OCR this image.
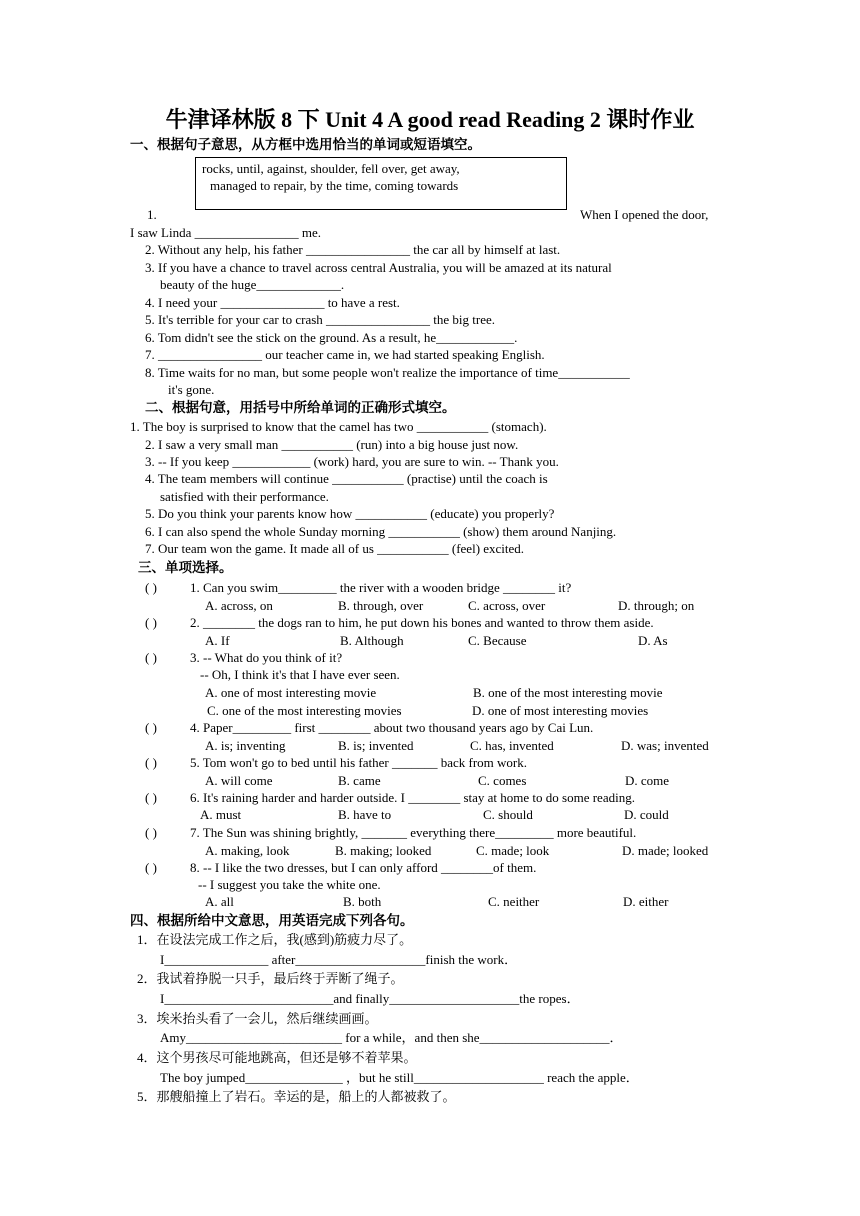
牛津译林版 8 下 Unit 4 A good read Reading 2 课时作业
一、根据句子意思，从方框中选用恰当的单词或短语填空。
rocks, until, against, shoulder, fell over, get away,
managed to repair, by the time, coming towards
1.	When I opened the door,
I saw Linda ________________ me.
2. Without any help, his father ________________ the car all by himself at last.
3. If you have a chance to travel across central Australia, you will be amazed at its natural
beauty of the huge_____________.
4. I need your ________________ to have a rest.
5. It's terrible for your car to crash ________________ the big tree.
6. Tom didn't see the stick on the ground. As a result, he____________.
7. ________________ our teacher came in, we had started speaking English.
8. Time waits for no man, but some people won't realize the importance of time___________
it's gone.
二、根据句意，用括号中所给单词的正确形式填空。
1. The boy is surprised to know that the camel has two ___________ (stomach).
2. I saw a very small man ___________ (run) into a big house just now.
3. -- If you keep ____________ (work) hard, you are sure to win. -- Thank you.
4. The team members will continue ___________ (practise) until the coach is
satisfied with their performance.
5. Do you think your parents know how ___________ (educate) you properly?
6. I can also spend the whole Sunday morning ___________ (show) them around Nanjing.
7. Our team won the game. It made all of us ___________ (feel) excited.
三、单项选择。
( )	1. Can you swim_________ the river with a wooden bridge ________ it?
A. across, on	B. through, over	C. across, over	D. through; on
( )	2. ________ the dogs ran to him, he put down his bones and wanted to throw them aside.
A. If	B. Although	C. Because	D. As
( )	3. -- What do you think of it?
-- Oh, I think it's that I have ever seen.
A. one of most interesting movie	B. one of the most interesting movie
C. one of the most interesting movies	D. one of most interesting movies
( )	4. Paper_________ first ________ about two thousand years ago by Cai Lun.
A. is; inventing	B. is; invented	C. has, invented	D. was; invented
( )	5. Tom won't go to bed until his father _______ back from work.
A. will come	B. came	C. comes	D. come
( )	6. It's raining harder and harder outside. I ________ stay at home to do some reading.
A. must	B. have to	C. should	D. could
( )	7. The Sun was shining brightly, _______ everything there_________ more beautiful.
A. making, look	B. making; looked	C. made; look	D. made; looked
( )	8. -- I like the two dresses, but I can only afford ________of them.
-- I suggest you take the white one.
A. all	B. both	C. neither	D. either
四、根据所给中文意思，用英语完成下列各句。
1．在设法完成工作之后，我(感到)筋疲力尽了。
I________________ after____________________finish the work．
2．我试着挣脱一只手，最后终于弄断了绳子。
I__________________________and finally____________________the ropes．
3．埃米抬头看了一会儿，然后继续画画。
Amy________________________ for a while，and then she____________________．
4．这个男孩尽可能地跳高，但还是够不着苹果。
The boy jumped_______________ ，but he still____________________ reach the apple．
5．那艘船撞上了岩石。幸运的是，船上的人都被救了。
